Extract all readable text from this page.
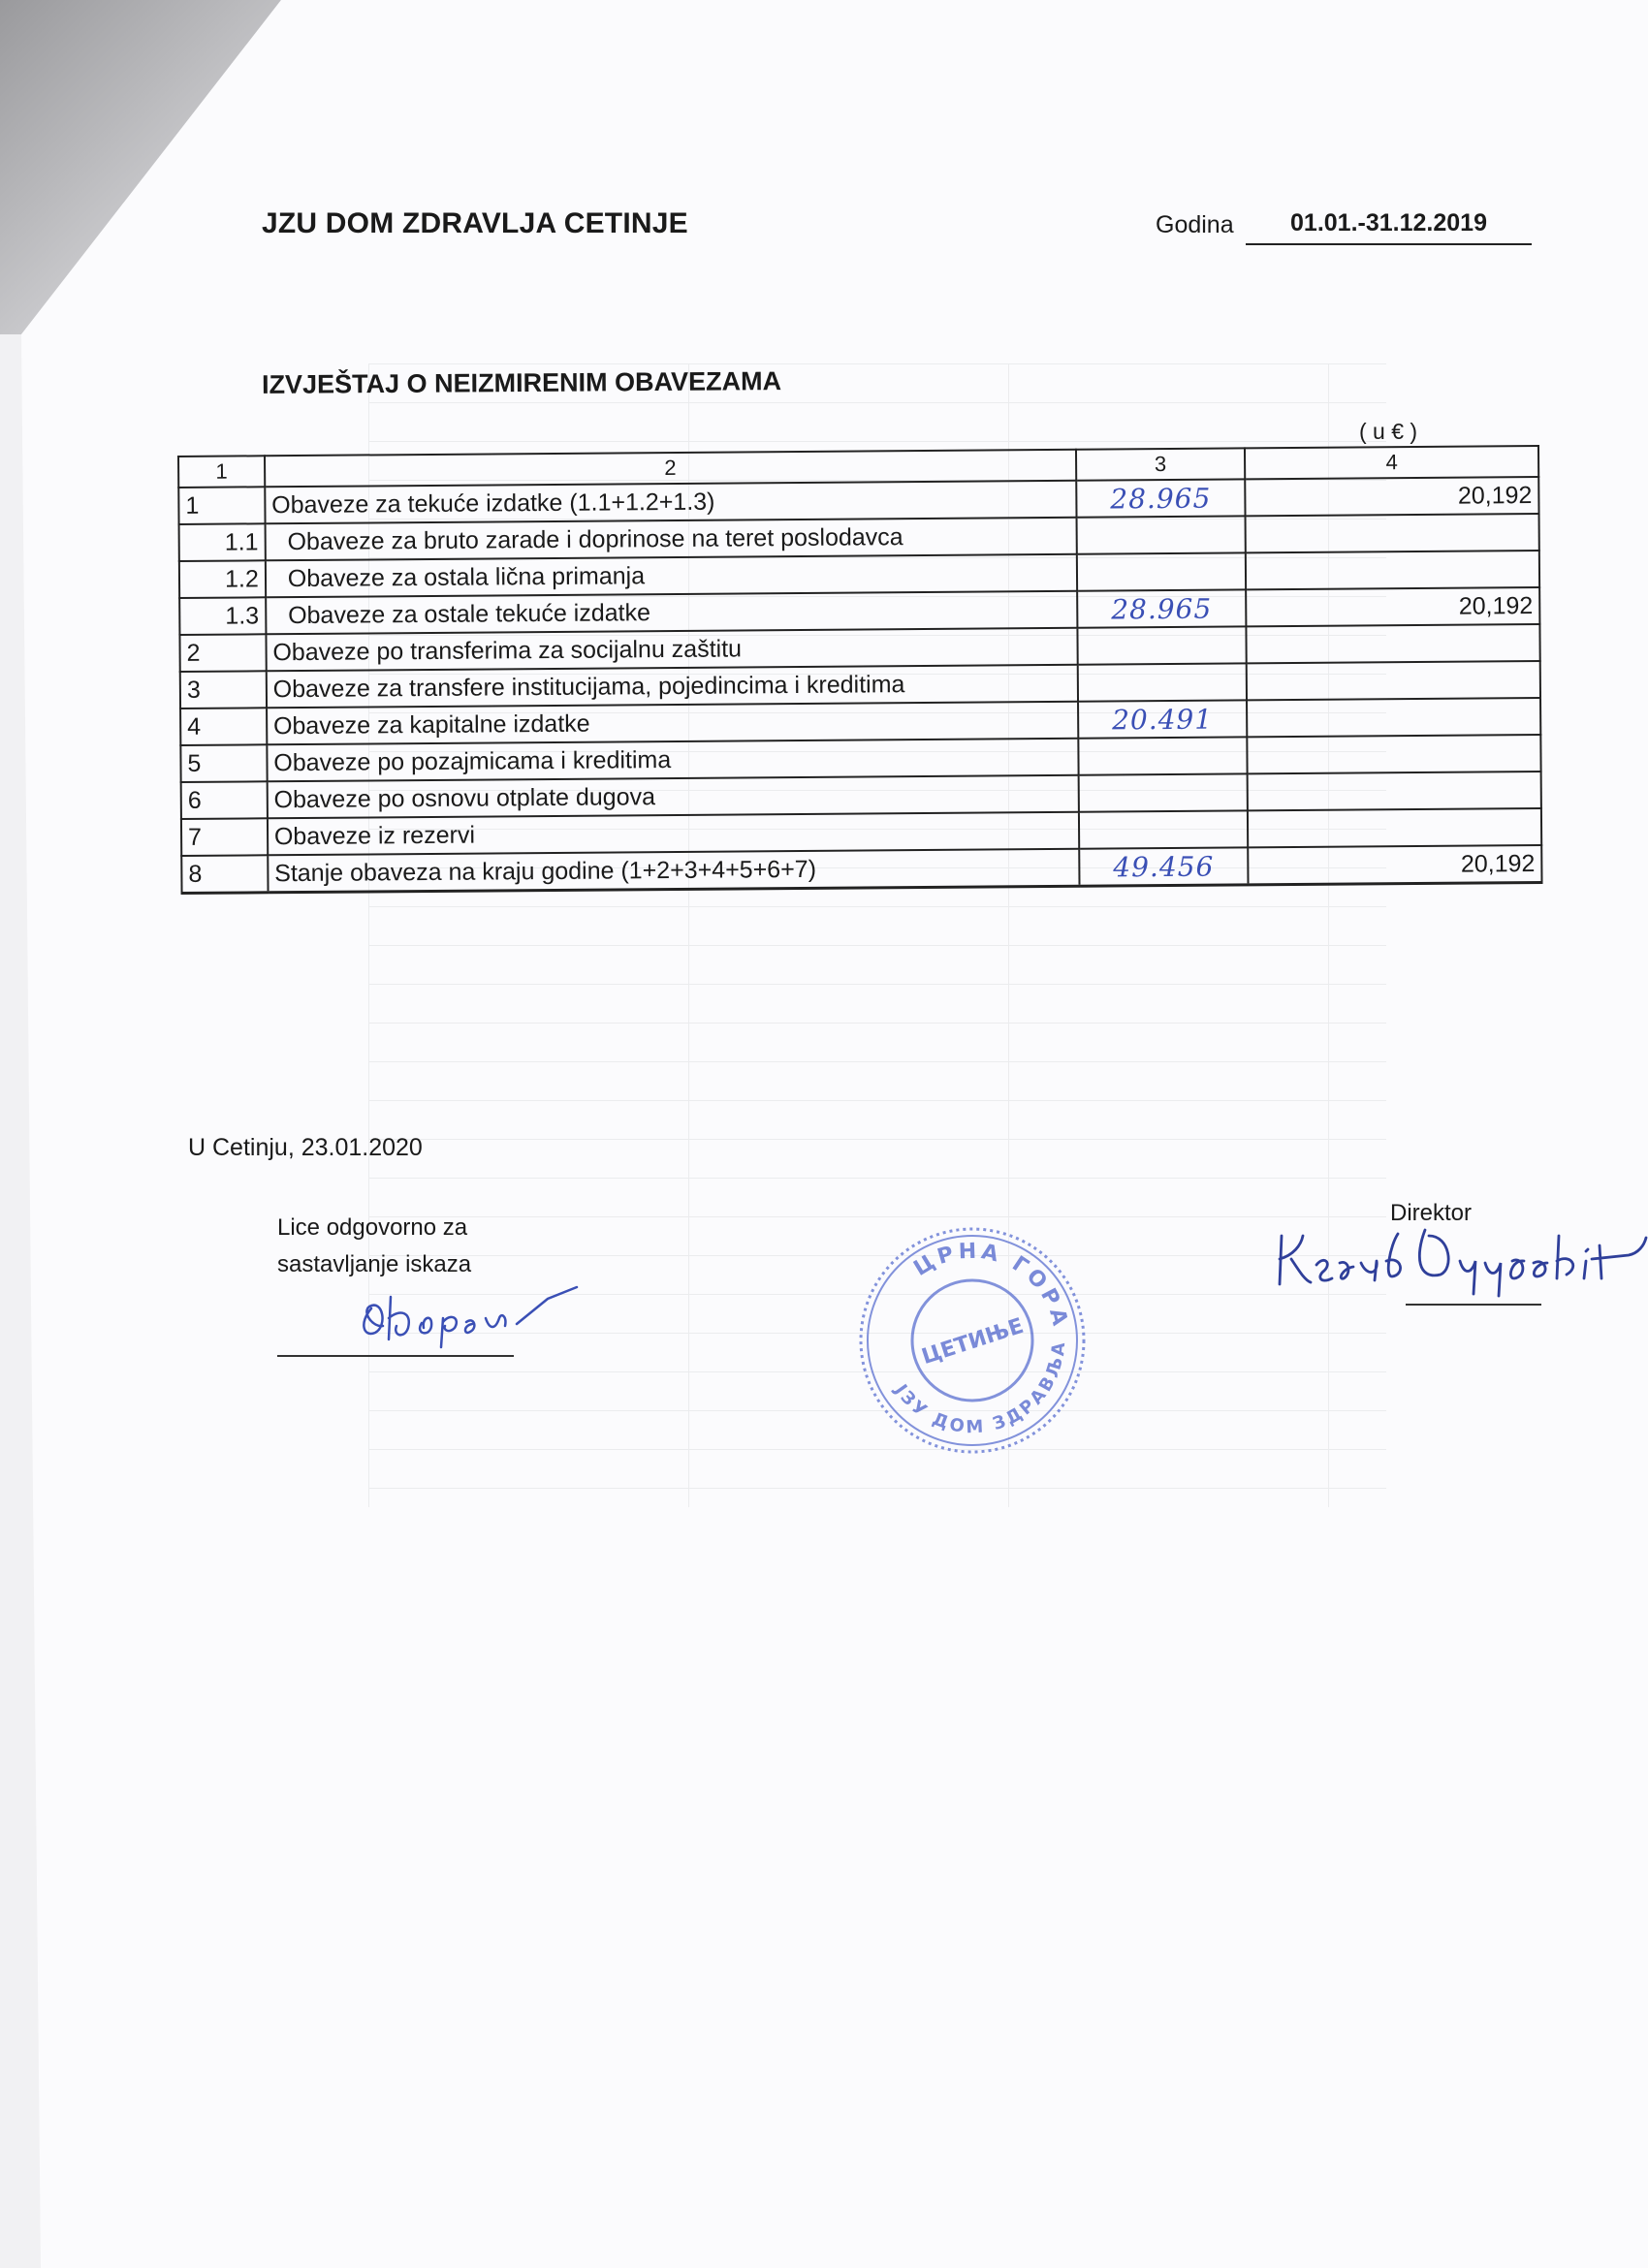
JZU DOM ZDRAVLJA CETINJE	Godina	01.01.-31.12.2019
IZVJEŠTAJ O NEIZMIRENIM OBAVEZAMA
( u € )
1	2	3	4
1	Obaveze za tekuće izdatke (1.1+1.2+1.3)	28.965	20,192
1.1	Obaveze za bruto zarade i doprinose na teret poslodavca		
1.2	Obaveze za ostala lična primanja		
1.3	Obaveze za ostale tekuće izdatke	28.965	20,192
2	Obaveze po transferima za socijalnu zaštitu		
3	Obaveze za transfere institucijama, pojedincima i kreditima		
4	Obaveze za kapitalne izdatke	20.491	
5	Obaveze po pozajmicama i kreditima		
6	Obaveze po osnovu otplate dugova		
7	Obaveze iz rezervi		
8	Stanje obaveza na kraju godine (1+2+3+4+5+6+7)	49.456	20,192
U Cetinju, 23.01.2020
Lice odgovorno za
sastavljanje iskaza
Direktor
ЦРНА ГОРА
ЦЕТИЊЕ
ЈЗУ ДОМ ЗДРАВЉА
